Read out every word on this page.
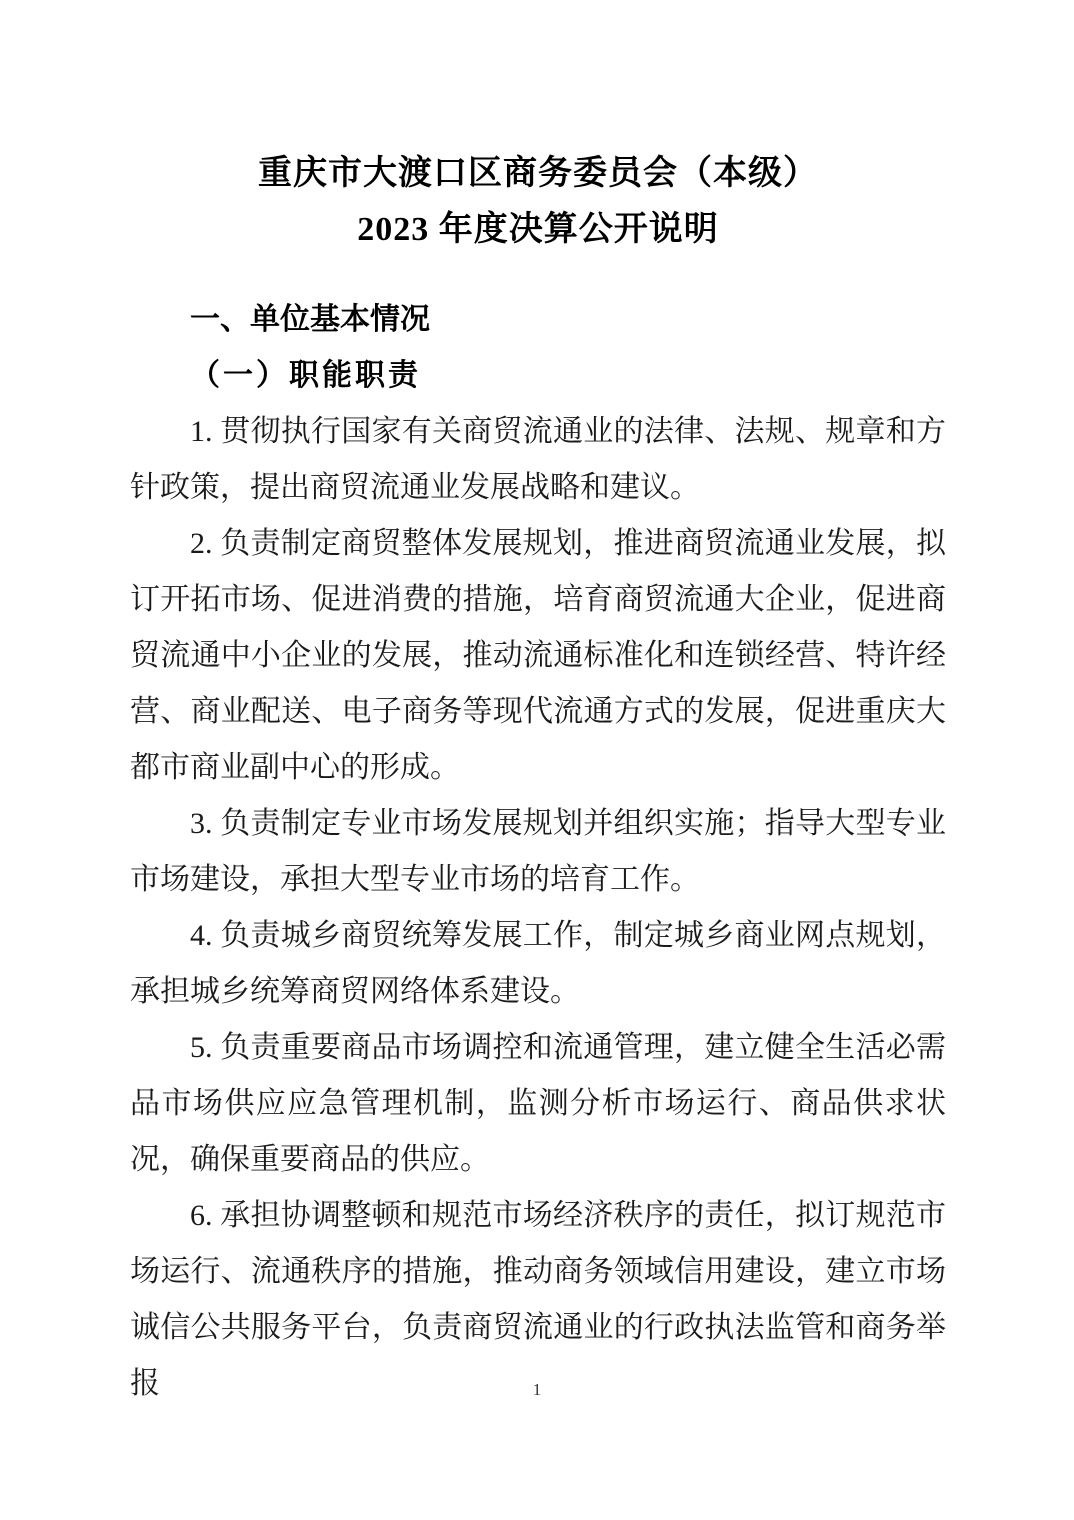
重庆市大渡口区商务委员会（本级）
2023 年度决算公开说明
一、单位基本情况
（一）职能职责

1. 贯彻执行国家有关商贸流通业的法律、法规、规章和方针政策，提出商贸流通业发展战略和建议。

2. 负责制定商贸整体发展规划，推进商贸流通业发展，拟订开拓市场、促进消费的措施，培育商贸流通大企业，促进商贸流通中小企业的发展，推动流通标准化和连锁经营、特许经营、商业配送、电子商务等现代流通方式的发展，促进重庆大都市商业副中心的形成。

3. 负责制定专业市场发展规划并组织实施；指导大型专业市场建设，承担大型专业市场的培育工作。

4. 负责城乡商贸统筹发展工作，制定城乡商业网点规划，承担城乡统筹商贸网络体系建设。

5. 负责重要商品市场调控和流通管理，建立健全生活必需品市场供应应急管理机制，监测分析市场运行、商品供求状况，确保重要商品的供应。

6. 承担协调整顿和规范市场经济秩序的责任，拟订规范市场运行、流通秩序的措施，推动商务领域信用建设，建立市场诚信公共服务平台，负责商贸流通业的行政执法监管和商务举报	1
